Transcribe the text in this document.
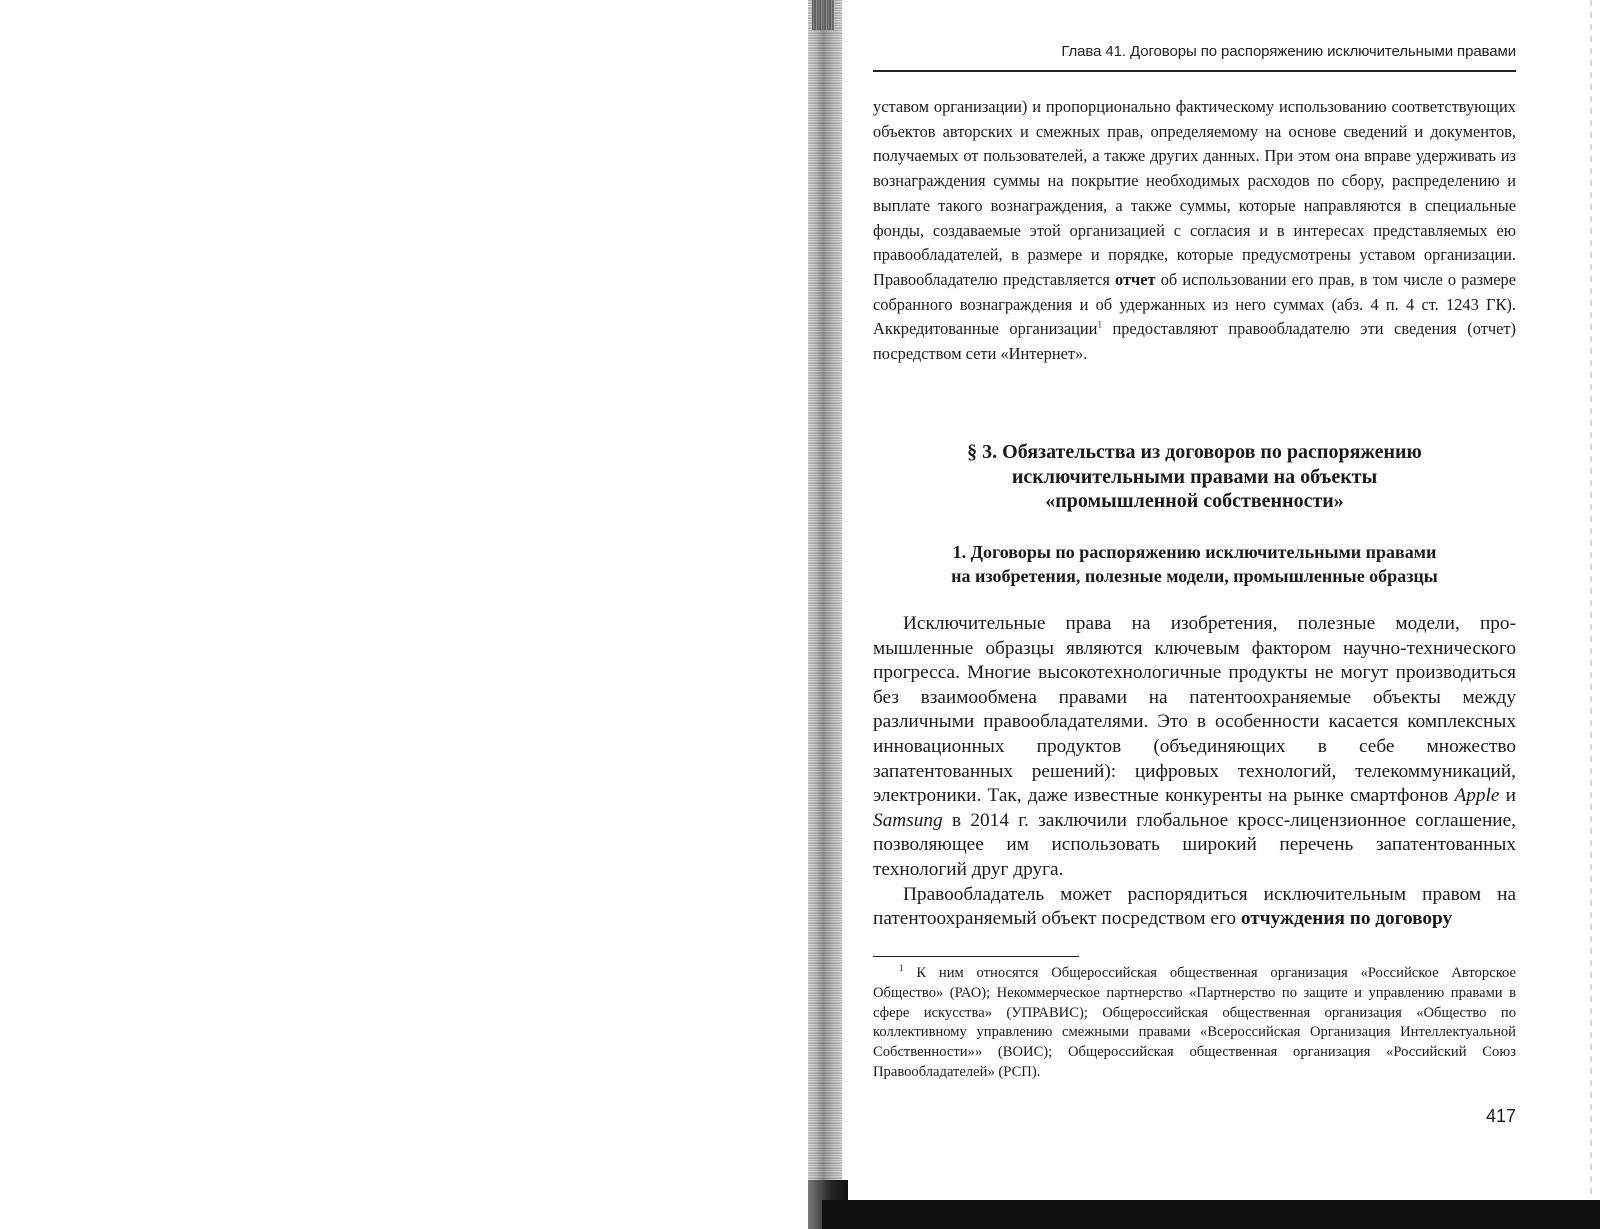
Глава 41. Договоры по распоряжению исключительными правами

уставом организации) и пропорционально фактическому использованию соответствующих объектов авторских и смежных прав, определяемому на основе сведений и документов, получаемых от пользователей, а также других данных. При этом она вправе удерживать из вознаграждения суммы на покрытие необходимых расходов по сбору, распределению и выплате такого вознаграждения, а также суммы, которые направляются в специальные фонды, создаваемые этой организацией с согласия и в интересах представляемых ею правообладателей, в размере и порядке, которые предусмотрены уставом организации. Правообладателю представляется отчет об использовании его прав, в том числе о размере собранного вознаграждения и об удержанных из него суммах (абз. 4 п. 4 ст. 1243 ГК). Аккредитованные организации$^1$ предоставляют правообладателю эти сведения (отчет) посредством сети «Интернет».

§ 3. Обязательства из договоров по распоряжению
исключительными правами на объекты
«промышленной собственности»
1. Договоры по распоряжению исключительными правами
на изобретения, полезные модели, промышленные образцы

Исключительные права на изобретения, полезные модели, промышленные образцы являются ключевым фактором научно-технического прогресса. Многие высокотехнологичные продукты не могут производиться без взаимообмена правами на патентоохраняемые объекты между различными правообладателями. Это в особенности касается комплексных инновационных продуктов (объединяющих в себе множество запатентованных решений): цифровых технологий, телекоммуникаций, электроники. Так, даже известные конкуренты на рынке смартфонов Apple и Samsung в 2014 г. заключили глобальное кросс-лицензионное соглашение, позволяющее им использовать широкий перечень запатентованных технологий друг друга.

Правообладатель может распорядиться исключительным правом на патентоохраняемый объект посредством его отчуждения по договору

$^1$ К ним относятся Общероссийская общественная организация «Российское Авторское Общество» (РАО); Некоммерческое партнерство «Партнерство по защите и управлению правами в сфере искусства» (УПРАВИС); Общероссийская общественная организация «Общество по коллективному управлению смежными правами «Всероссийская Организация Интеллектуальной Собственности»» (ВОИС); Общероссийская общественная организация «Российский Союз Правообладателей» (РСП).

417
